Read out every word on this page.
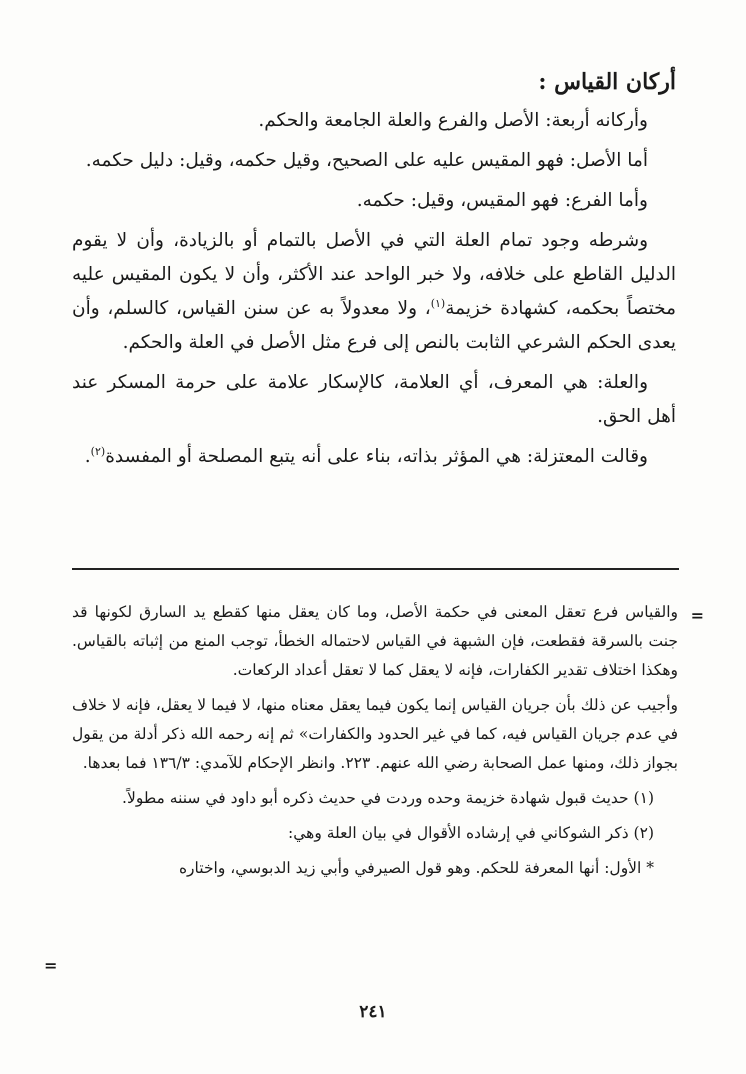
أركان القياس :

وأركانه أربعة: الأصل والفرع والعلة الجامعة والحكم.

أما الأصل: فهو المقيس عليه على الصحيح، وقيل حكمه، وقيل: دليل حكمه.

وأما الفرع: فهو المقيس، وقيل: حكمه.

وشرطه وجود تمام العلة التي في الأصل بالتمام أو بالزيادة، وأن لا يقوم الدليل القاطع على خلافه، ولا خبر الواحد عند الأكثر، وأن لا يكون المقيس عليه مختصاً بحكمه، كشهادة خزيمة$^{(١)}$، ولا معدولاً به عن سنن القياس، كالسلم، وأن يعدى الحكم الشرعي الثابت بالنص إلى فرع مثل الأصل في العلة والحكم.

والعلة: هي المعرف، أي العلامة، كالإسكار علامة على حرمة المسكر عند أهل الحق.

وقالت المعتزلة: هي المؤثر بذاته، بناء على أنه يتبع المصلحة أو المفسدة$^{(٢)}$.

=

والقياس فرع تعقل المعنى في حكمة الأصل، وما كان يعقل منها كقطع يد السارق لكونها قد جنت بالسرقة فقطعت، فإن الشبهة في القياس لاحتماله الخطأ، توجب المنع من إثباته بالقياس. وهكذا اختلاف تقدير الكفارات، فإنه لا يعقل كما لا تعقل أعداد الركعات.

وأجيب عن ذلك بأن جريان القياس إنما يكون فيما يعقل معناه منها، لا فيما لا يعقل، فإنه لا خلاف في عدم جريان القياس فيه، كما في غير الحدود والكفارات» ثم إنه رحمه الله ذكر أدلة من يقول بجواز ذلك، ومنها عمل الصحابة رضي الله عنهم. ٢٢٣. وانظر الإحكام للآمدي: ١٣٦/٣ فما بعدها.

(١) حديث قبول شهادة خزيمة وحده وردت في حديث ذكره أبو داود في سننه مطولاً.

(٢) ذكر الشوكاني في إرشاده الأقوال في بيان العلة وهي:

* الأول: أنها المعرفة للحكم. وهو قول الصيرفي وأبي زيد الدبوسي، واختاره

=
٢٤١
